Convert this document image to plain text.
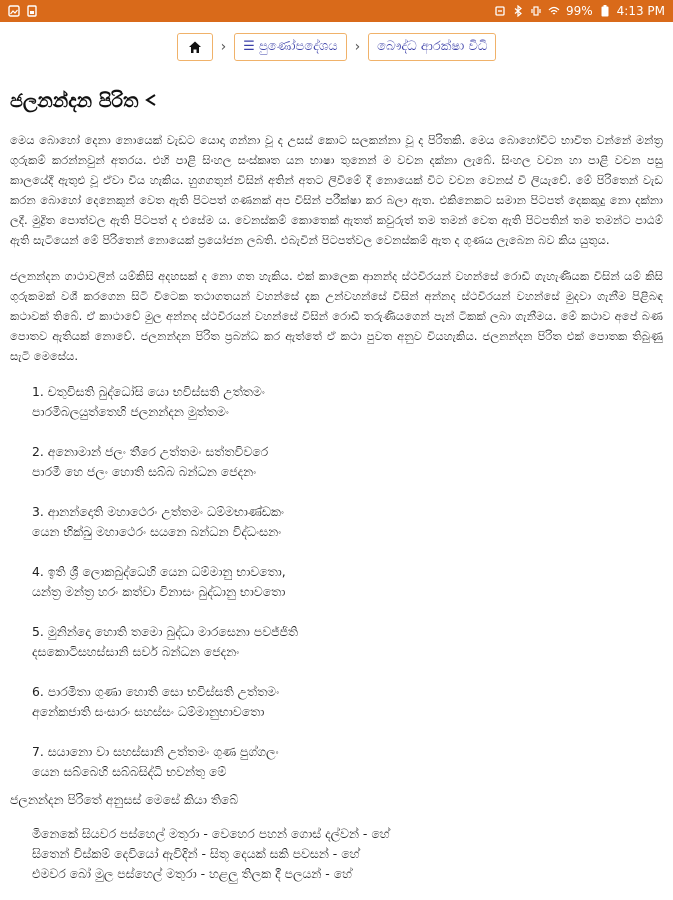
99% 4:13 PM
›	☰ පුණෝපදේශය	›	බෞද්ධ ආරක්ෂා විධි
ජලනන්දන පිරිත

මෙය බොහෝ දෙනා නොයෙක් වැඩට යොදා ගන්නා වූ ද උසස් කොට සලකන්නා වූ ද පිරිතකි. මෙය බොහෝවිට භාවිත වන්නේ මන්ත්‍ර ගුරුකම් කරන්නවුන් අතරය. එහි පාළි සිංහල සංස්කෘත යන භාෂා තුනෙන් ම වචන දක්නා ලැබේ. සිංහල වචන හා පාළි වචන පසු කාලයේදී ඇතුළු වූ ඒවා විය හැකිය. හුගගතුන් විසින් අතින් අතට ලිවීමේ දී නොයෙක් විට වචන වෙනස් වී ලියැවේ. මේ පිරිතෙන් වැඩ කරන බොහෝ දෙනෙකුන් වෙත ඇති පිටපත් ගණනක් අප විසින් පරීක්ෂා කර බලා ඇත. එකිනෙකට සමාන පිටපත් දෙකකුදු නො දක්නා ලදී. මුද්‍රිත පොත්වල ඇති පිටපත් ද එසේම ය. වෙනස්කම් කොතෙක් ඇතත් කවුරුත් තම තමන් වෙත ඇති පිටපතින් තම තමන්ට පාඨම් ඇති සැටියෙන් මේ පිරිතෙන් නොයෙක් ප්‍රයෝජන ලබති. එබැවින් පිටපත්වල වෙනස්කම් ඇත ද ගුණය ලැබෙන බව කිය යුතුය.

ජලනන්දන ගාථාවලින් යම්කිසි අදහසක් ද නො ගත හැකිය. එක් කාලෙක ආනන්ද ස්ථවිරයන් වහන්සේ රොඩී ගැහැණියක විසින් යම් කිසි ගුරුකමක් වශී කරගෙන සිටි විටෙක තථාගතයන් වහන්සේ දැක උන්වහන්සේ විසින් අන්නද ස්ථවිරයන් වහන්සේ මුදවා ගැනීම පිළිබඳ කථාවක් තිබේ. ඒ කාථාවේ මුල අන්නද ස්ථවිරයන් වහන්සේ විසින් රොඩී තරුණියගෙන් පැන් ටිකක් ලබා ගැනීමය. මේ කථාව අපේ බණ පොතව ඇතියක් නොවේ. ජලනන්දන පිරිත ප්‍රබන්ධ කර ඇත්තේ ඒ කථා පුවත අනුව වියහැකිය. ජලනන්දන පිරිත එක් පොතක තිබුණු සැටි මෙසේය.

1. චතුවිසති බුද්ධෝසි යො භවිස්සති උත්තමං
පාරමිබලයුත්තෙහි ජලනන්දන මුත්තමං
2. අනොමාන් ජලං තීරෙ උත්තමං සත්තවිවරෙ
පාරමී හෙ ජලං හොති සබ්බ බන්ධන ජෙදනං
3. ආනන්දොති මහාථෙරං උත්තමං ධම්මභාණ්ඩකං
යෙන භික්ඛු මහාථෙරං සයනෙ බන්ධන විද්ධංසනං
4. ඉති ශ්‍රී ලොකබුද්ධෙහි යෙන ධම්මානු භාවතො,
යන්ත්‍ර මන්ත්‍ර හරං කත්වා විනාසං බුද්ධානු භාවතො
5. මුනින්දො හොති තමො බුද්ධා මාරසෙනා පවජ්ජිති
දසකොටිසහස්සානි සර්ව බන්ධන ජෙදනං
6. පාරමිතා ගුණා හොති සො භවිස්සති උත්තමං
අනේකජාති සංසාරං සහස්සං ධම්මානුභාවතො
7. සයානො වා සහස්සානි උත්තමං ගුණ පුග්ගලං
යෙන සබ්බෙහි සබ්බසිද්ධි භවන්තු මේ
ජලනන්දන පිරිතේ අනුසස් මෙසේ කියා තිබේ
මිනෙකේ සියවර පස්හෙල් මතුරා - වෙහෙර පහන් ගොස් දල්වන් - හේ
සිතෙන් විස්කම් දෙවියෝ ඇවිදින් - සිතූ දෙයක් සකි පවසන් - හේ
එමවර බෝ මුල පස්හෙල් මතුරා - හළලු තිලක දී පලයන් - හේ
